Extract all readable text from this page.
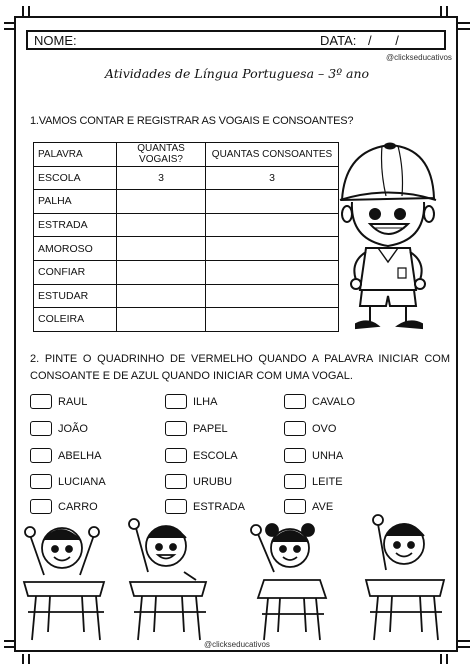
NOME:	DATA: / /
@clickseducativos
Atividades de Língua Portuguesa – 3º ano
1.VAMOS CONTAR E REGISTRAR AS VOGAIS E CONSOANTES?
PALAVRA	QUANTAS VOGAIS?	QUANTAS CONSOANTES
ESCOLA	3	3
PALHA		
ESTRADA		
AMOROSO		
CONFIAR		
ESTUDAR		
COLEIRA		
2. PINTE O QUADRINHO DE VERMELHO QUANDO A PALAVRA INICIAR COM CONSOANTE E DE AZUL QUANDO INICIAR COM UMA VOGAL.
RAUL
JOÃO
ABELHA
LUCIANA
CARRO
ILHA
PAPEL
ESCOLA
URUBU
ESTRADA
CAVALO
OVO
UNHA
LEITE
AVE
@clickseducativos
